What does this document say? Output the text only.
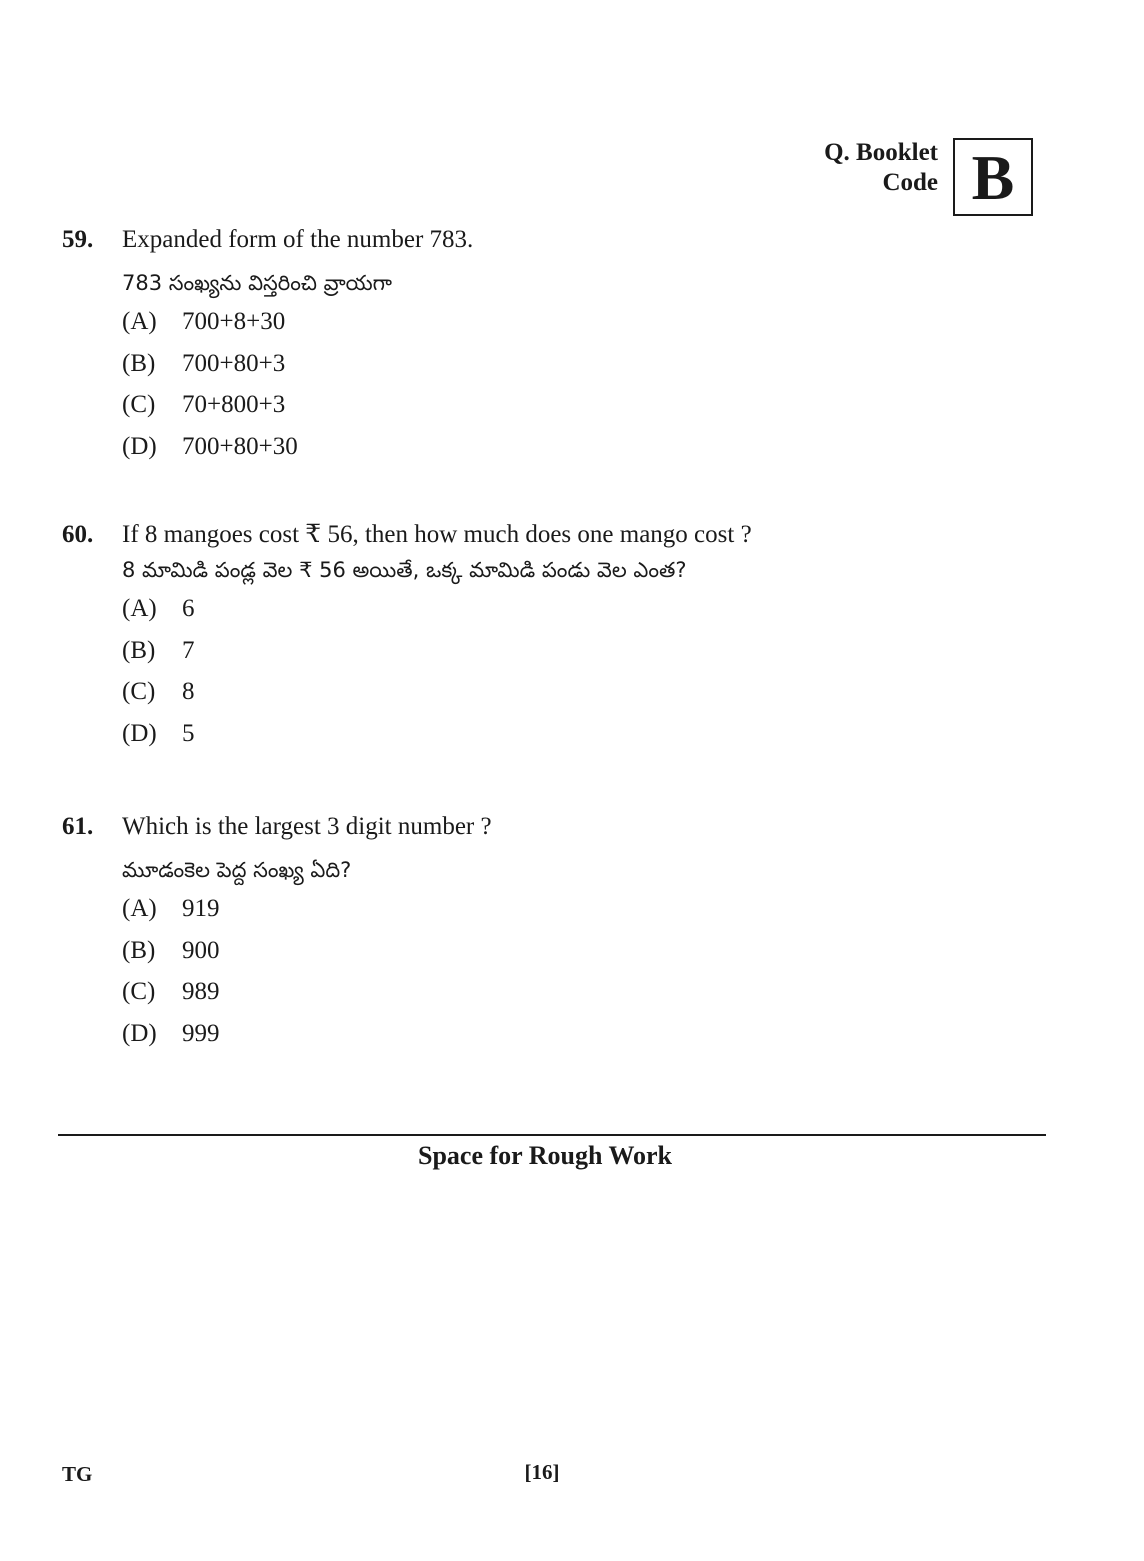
Q. Booklet
Code B
59.	Expanded form of the number 783.
783 సంఖ్యను విస్తరించి వ్రాయగా
(A)	700+8+30
(B)	700+80+3
(C)	70+800+3
(D)	700+80+30
60.	If 8 mangoes cost ₹ 56, then how much does one mango cost ?
8 మామిడి పండ్ల వెల ₹ 56 అయితే, ఒక్క మామిడి పండు వెల ఎంత?
(A)	6
(B)	7
(C)	8
(D)	5
61.	Which is the largest 3 digit number ?
మూడంకెల పెద్ద సంఖ్య ఏది?
(A)	919
(B)	900
(C)	989
(D)	999
Space for Rough Work
TG	[16]
